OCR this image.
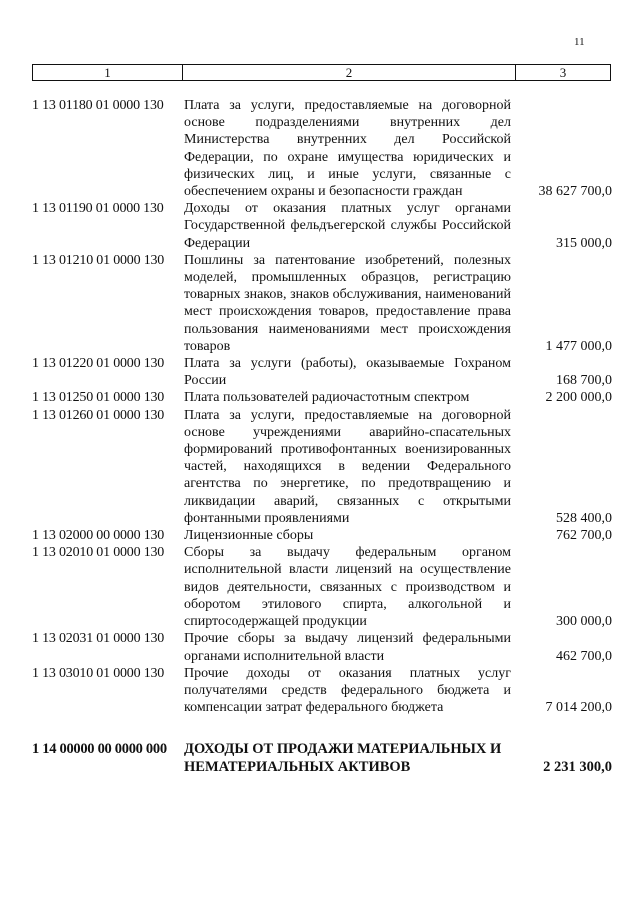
11
1	2	3
1 13 01180 01 0000 130	Плата за услуги, предоставляемые на договорной основе подразделениями внутренних дел Министерства внутренних дел Российской Федерации, по охране имущества юридических и физических лиц, и иные услуги, связанные с обеспечением охраны и безопасности граждан	38 627 700,0
1 13 01190 01 0000 130	Доходы от оказания платных услуг органами Государственной фельдъегерской службы Российской Федерации	315 000,0
1 13 01210 01 0000 130	Пошлины за патентование изобретений, полезных моделей, промышленных образцов, регистрацию товарных знаков, знаков обслуживания, наименований мест происхождения товаров, предоставление права пользования наименованиями мест происхождения товаров	1 477 000,0
1 13 01220 01 0000 130	Плата за услуги (работы), оказываемые Гохраном России	168 700,0
1 13 01250 01 0000 130	Плата пользователей радиочастотным спектром	2 200 000,0
1 13 01260 01 0000 130	Плата за услуги, предоставляемые на договорной основе учреждениями аварийно-спасательных формирований противофонтанных военизированных частей, находящихся в ведении Федерального агентства по энергетике, по предотвращению и ликвидации аварий, связанных с открытыми фонтанными проявлениями	528 400,0
1 13 02000 00 0000 130	Лицензионные сборы	762 700,0
1 13 02010 01 0000 130	Сборы за выдачу федеральным органом исполнительной власти лицензий на осуществление видов деятельности, связанных с производством и оборотом этилового спирта, алкогольной и спиртосодержащей продукции	300 000,0
1 13 02031 01 0000 130	Прочие сборы за выдачу лицензий федеральными органами исполнительной власти	462 700,0
1 13 03010 01 0000 130	Прочие доходы от оказания платных услуг получателями средств федерального бюджета и компенсации затрат федерального бюджета	7 014 200,0
1 14 00000 00 0000 000	ДОХОДЫ ОТ ПРОДАЖИ МАТЕРИАЛЬНЫХ И НЕМАТЕРИАЛЬНЫХ АКТИВОВ	2 231 300,0
